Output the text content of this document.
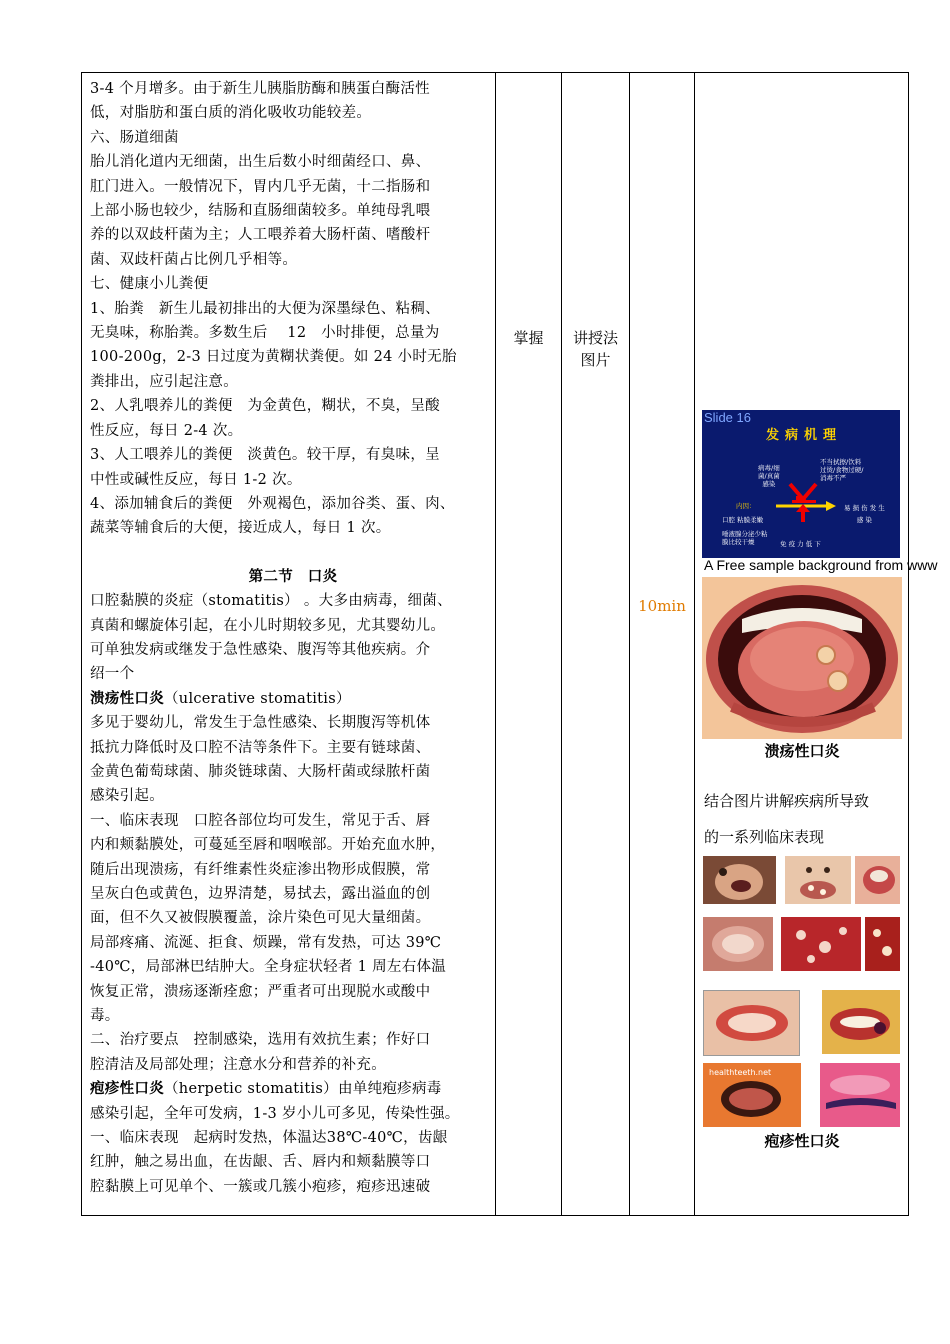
3-4 个月增多。由于新生儿胰脂肪酶和胰蛋白酶活性

低，对脂肪和蛋白质的消化吸收功能较差。

六、肠道细菌

胎儿消化道内无细菌，出生后数小时细菌经口、鼻、

肛门进入。一般情况下，胃内几乎无菌，十二指肠和

上部小肠也较少，结肠和直肠细菌较多。单纯母乳喂

养的以双歧杆菌为主；人工喂养着大肠杆菌、嗜酸杆

菌、双歧杆菌占比例几乎相等。

七、健康小儿粪便

1、胎粪　新生儿最初排出的大便为深墨绿色、粘稠、

无臭味，称胎粪。多数生后　 12　小时排便，总量为

100-200g，2-3 日过度为黄糊状粪便。如 24 小时无胎

粪排出，应引起注意。

2、人乳喂养儿的粪便　为金黄色，糊状，不臭，呈酸

性反应，每日 2-4 次。

3、人工喂养儿的粪便　淡黄色。较干厚，有臭味，呈

中性或碱性反应，每日 1-2 次。

4、添加辅食后的粪便　外观褐色，添加谷类、蛋、肉、

蔬菜等辅食后的大便，接近成人，每日 1 次。

第二节　口炎

口腔黏膜的炎症（stomatitis） 。大多由病毒，细菌、

真菌和螺旋体引起，在小儿时期较多见，尤其婴幼儿。

可单独发病或继发于急性感染、腹泻等其他疾病。介

绍一个

溃疡性口炎（ulcerative stomatitis）

多见于婴幼儿，常发生于急性感染、长期腹泻等机体

抵抗力降低时及口腔不洁等条件下。主要有链球菌、

金黄色葡萄球菌、肺炎链球菌、大肠杆菌或绿脓杆菌

感染引起。

一、临床表现　口腔各部位均可发生，常见于舌、唇

内和颊黏膜处，可蔓延至唇和咽喉部。开始充血水肿，

随后出现溃疡，有纤维素性炎症渗出物形成假膜，常

呈灰白色或黄色，边界清楚，易拭去，露出溢血的创

面，但不久又被假膜覆盖，涂片染色可见大量细菌。

局部疼痛、流涎、拒食、烦躁，常有发热，可达 39℃

-40℃，局部淋巴结肿大。全身症状轻者 1 周左右体温

恢复正常，溃疡逐渐痊愈；严重者可出现脱水或酸中

毒。

二、治疗要点　控制感染，选用有效抗生素；作好口

腔清洁及局部处理；注意水分和营养的补充。

疱疹性口炎（herpetic stomatitis）由单纯疱疹病毒

感染引起，全年可发病，1-3 岁小儿可多见，传染性强。

一、临床表现　起病时发热，体温达38℃-40℃，齿龈

红肿，触之易出血，在齿龈、舌、唇内和颊黏膜等口

腔黏膜上可见单个、一簇或几簇小疱疹，疱疹迅速破

掌握	讲授法
图片
10min
Slide 16
发病机理
病毒/细
菌/真菌
感染
不当拭擦/饮料
过烫/食物过硬/
消毒不严
内因：
口腔 粘膜柔嫩
唾液腺分泌少粘
膜比较干燥	免 疫 力 低 下
易 损 伤 发 生
感 染
A Free sample background from www
溃疡性口炎
结合图片讲解疾病所导致
的一系列临床表现
healthteeth.net
疱疹性口炎
